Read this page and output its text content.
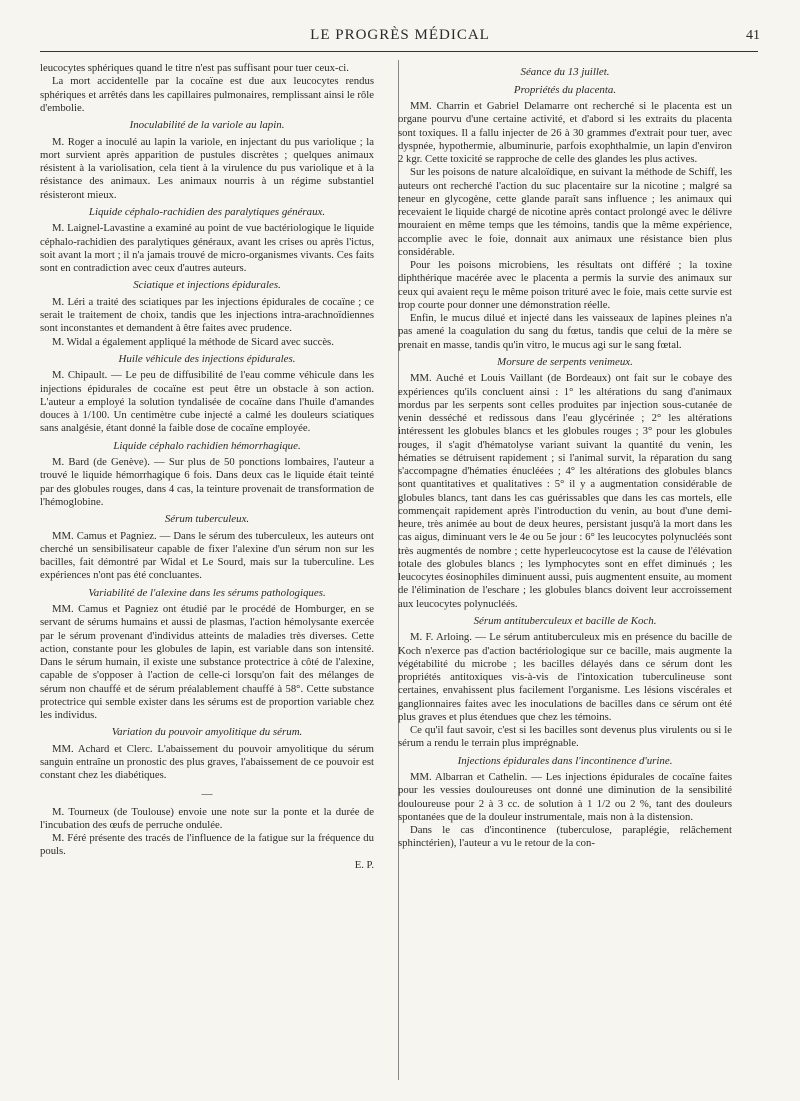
LE PROGRÈS MÉDICAL	41

leucocytes sphériques quand le titre n'est pas suffisant pour tuer ceux-ci.

La mort accidentelle par la cocaïne est due aux leucocytes rendus sphériques et arrêtés dans les capillaires pulmonaires, remplissant ainsi le rôle d'embolie.

Inoculabilité de la variole au lapin.

M. Roger a inoculé au lapin la variole, en injectant du pus variolique ; la mort survient après apparition de pustules discrètes ; quelques animaux résistent à la variolisation, cela tient à la virulence du pus variolique et à la résistance des animaux. Les animaux nourris à un régime substantiel résisteront mieux.

Liquide céphalo-rachidien des paralytiques généraux.

M. Laignel-Lavastine a examiné au point de vue bactériologique le liquide céphalo-rachidien des paralytiques généraux, avant les crises ou après l'ictus, soit avant la mort ; il n'a jamais trouvé de micro-organismes vivants. Ces faits sont en contradiction avec ceux d'autres auteurs.

Sciatique et injections épidurales.

M. Léri a traité des sciatiques par les injections épidurales de cocaïne ; ce serait le traitement de choix, tandis que les injections intra-arachnoïdiennes sont inconstantes et demandent à être faites avec prudence.

M. Widal a également appliqué la méthode de Sicard avec succès.

Huile véhicule des injections épidurales.

M. Chipault. — Le peu de diffusibilité de l'eau comme véhicule dans les injections épidurales de cocaïne est peut être un obstacle à son action. L'auteur a employé la solution tyndalisée de cocaïne dans l'huile d'amandes douces à 1/100. Un centimètre cube injecté a calmé les douleurs sciatiques sans analgésie, étant donné la faible dose de cocaïne employée.

Liquide céphalo rachidien hémorrhagique.

M. Bard (de Genève). — Sur plus de 50 ponctions lombaires, l'auteur a trouvé le liquide hémorrhagique 6 fois. Dans deux cas le liquide était teinté par des globules rouges, dans 4 cas, la teinture provenait de transformation de l'hémoglobine.

Sérum tuberculeux.

MM. Camus et Pagniez. — Dans le sérum des tuberculeux, les auteurs ont cherché un sensibilisateur capable de fixer l'alexine d'un sérum non sur les bacilles, fait démontré par Widal et Le Sourd, mais sur la tuberculine. Les expériences n'ont pas été concluantes.

Variabilité de l'alexine dans les sérums pathologiques.

MM. Camus et Pagniez ont étudié par le procédé de Homburger, en se servant de sérums humains et aussi de plasmas, l'action hémolysante exercée par le sérum provenant d'individus atteints de maladies très diverses. Cette action, constante pour les globules de lapin, est variable dans son intensité. Dans le sérum humain, il existe une substance protectrice à côté de l'alexine, capable de s'opposer à l'action de celle-ci lorsqu'on fait des mélanges de sérum non chauffé et de sérum préalablement chauffé à 58°. Cette substance protectrice qui semble exister dans les sérums est de proportion variable chez les individus.

Variation du pouvoir amyolitique du sérum.

MM. Achard et Clerc. L'abaissement du pouvoir amyolitique du sérum sanguin entraîne un pronostic des plus graves, l'abaissement de ce pouvoir est constant chez les diabétiques.

—

M. Tourneux (de Toulouse) envoie une note sur la ponte et la durée de l'incubation des œufs de perruche ondulée.

M. Féré présente des tracés de l'influence de la fatigue sur la fréquence du pouls.

E. P.
Séance du 13 juillet.
Propriétés du placenta.

MM. Charrin et Gabriel Delamarre ont recherché si le placenta est un organe pourvu d'une certaine activité, et d'abord si les extraits du placenta sont toxiques. Il a fallu injecter de 26 à 30 grammes d'extrait pour tuer, avec dyspnée, hypothermie, albuminurie, parfois exophthalmie, un lapin d'environ 2 kgr. Cette toxicité se rapproche de celle des glandes les plus actives.

Sur les poisons de nature alcaloïdique, en suivant la méthode de Schiff, les auteurs ont recherché l'action du suc placentaire sur la nicotine ; malgré sa teneur en glycogène, cette glande paraît sans influence ; les animaux qui recevaient le liquide chargé de nicotine après contact prolongé avec le délivre mouraient en même temps que les témoins, tandis que la même expérience, accomplie avec le foie, donnait aux animaux une résistance bien plus considérable.

Pour les poisons microbiens, les résultats ont différé ; la toxine diphthérique macérée avec le placenta a permis la survie des animaux sur ceux qui avaient reçu le même poison trituré avec le foie, mais cette survie est trop courte pour donner une démonstration réelle.

Enfin, le mucus dilué et injecté dans les vaisseaux de lapines pleines n'a pas amené la coagulation du sang du fœtus, tandis que celui de la mère se prenait en masse, tandis qu'in vitro, le mucus agi sur le sang fœtal.

Morsure de serpents venimeux.

MM. Auché et Louis Vaillant (de Bordeaux) ont fait sur le cobaye des expériences qu'ils concluent ainsi : 1° les altérations du sang d'animaux mordus par les serpents sont celles produites par injection sous-cutanée de venin desséché et redissous dans l'eau glycérinée ; 2° les altérations intéressent les globules blancs et les globules rouges ; 3° pour les globules rouges, il s'agit d'hématolyse variant suivant la quantité du venin, les hématies se détruisent rapidement ; si l'animal survit, la réparation du sang s'accompagne d'hématies énucléées ; 4° les altérations des globules blancs sont quantitatives et qualitatives : 5° il y a augmentation considérable de globules blancs, tant dans les cas guérissables que dans les cas mortels, elle commençait rapidement après l'introduction du venin, au bout d'une demi-heure, très animée au bout de deux heures, persistant jusqu'à la mort dans les cas aigus, diminuant vers le 4e ou 5e jour : 6° les leucocytes polynucléés sont très augmentés de nombre ; cette hyperleucocytose est la cause de l'élévation totale des globules blancs ; les lymphocytes sont en effet diminués ; les leucocytes éosinophiles diminuent aussi, puis augmentent ensuite, au moment de l'élimination de l'eschare ; les globules blancs doivent leur accroissement aux leucocytes polynucléés.

Sérum antituberculeux et bacille de Koch.

M. F. Arloing. — Le sérum antituberculeux mis en présence du bacille de Koch n'exerce pas d'action bactériologique sur ce bacille, mais augmente la végétabilité du microbe ; les bacilles délayés dans ce sérum dont les propriétés antitoxiques vis-à-vis de l'intoxication tuberculineuse sont certaines, envahissent plus facilement l'organisme. Les lésions viscérales et ganglionnaires faites avec les inoculations de bacilles dans ce sérum ont été plus graves et plus étendues que chez les témoins.

Ce qu'il faut savoir, c'est si les bacilles sont devenus plus virulents ou si le sérum a rendu le terrain plus imprégnable.

Injections épidurales dans l'incontinence d'urine.

MM. Albarran et Cathelin. — Les injections épidurales de cocaïne faites pour les vessies douloureuses ont donné une diminution de la sensibilité douloureuse pour 2 à 3 cc. de solution à 1 1/2 ou 2 %, tant des douleurs spontanées que de la douleur instrumentale, mais non à la distension.

Dans le cas d'incontinence (tuberculose, paraplégie, relâchement sphinctérien), l'auteur a vu le retour de la con-
